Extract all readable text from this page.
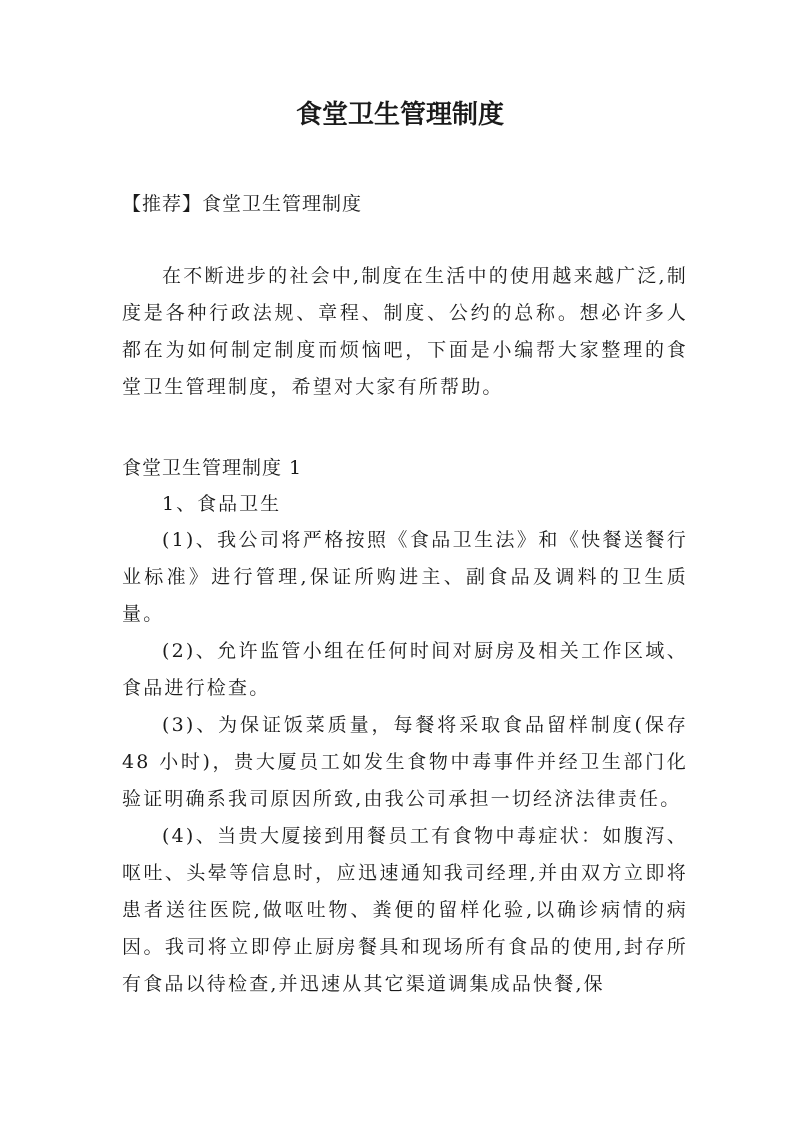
食堂卫生管理制度

【推荐】食堂卫生管理制度

在不断进步的社会中,制度在生活中的使用越来越广泛,制度是各种行政法规、章程、制度、公约的总称。想必许多人都在为如何制定制度而烦恼吧，下面是小编帮大家整理的食堂卫生管理制度，希望对大家有所帮助。

食堂卫生管理制度 1

1、食品卫生

(1)、我公司将严格按照《食品卫生法》和《快餐送餐行业标准》进行管理,保证所购进主、副食品及调料的卫生质量。

(2)、允许监管小组在任何时间对厨房及相关工作区域、食品进行检查。

(3)、为保证饭菜质量，每餐将采取食品留样制度(保存48 小时)，贵大厦员工如发生食物中毒事件并经卫生部门化验证明确系我司原因所致,由我公司承担一切经济法律责任。

(4)、当贵大厦接到用餐员工有食物中毒症状：如腹泻、呕吐、头晕等信息时，应迅速通知我司经理,并由双方立即将患者送往医院,做呕吐物、粪便的留样化验,以确诊病情的病因。我司将立即停止厨房餐具和现场所有食品的使用,封存所有食品以待检查,并迅速从其它渠道调集成品快餐,保
